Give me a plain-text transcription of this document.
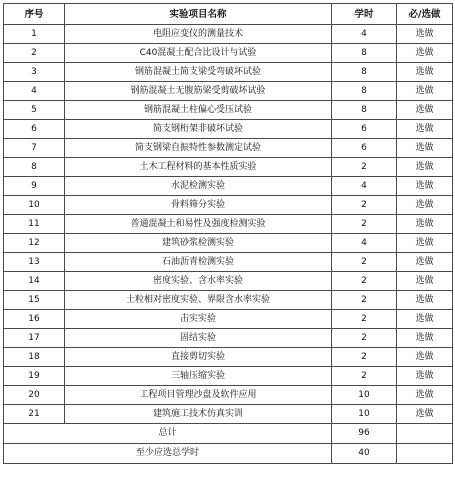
序号	实验项目名称	学时	必/选做
1	电阻应变仪的测量技术	4	选做
2	C40混凝土配合比设计与试验	8	选做
3	钢筋混凝土简支梁受弯破坏试验	8	选做
4	钢筋混凝土无腹筋梁受剪破坏试验	8	选做
5	钢筋混凝土柱偏心受压试验	8	选做
6	简支钢桁架非破坏试验	6	选做
7	简支钢梁自振特性参数测定试验	6	选做
8	土木工程材料的基本性质实验	2	选做
9	水泥检测实验	4	选做
10	骨料筛分实验	2	选做
11	普通混凝土和易性及强度检测实验	2	选做
12	建筑砂浆检测实验	4	选做
13	石油沥青检测实验	2	选做
14	密度实验、含水率实验	2	选做
15	土粒相对密度实验、界限含水率实验	2	选做
16	击实实验	2	选做
17	固结实验	2	选做
18	直接剪切实验	2	选做
19	三轴压缩实验	2	选做
20	工程项目管理沙盘及软件应用	10	选做
21	建筑施工技术仿真实训	10	选做
总计		96	
至少应选总学时		40	
